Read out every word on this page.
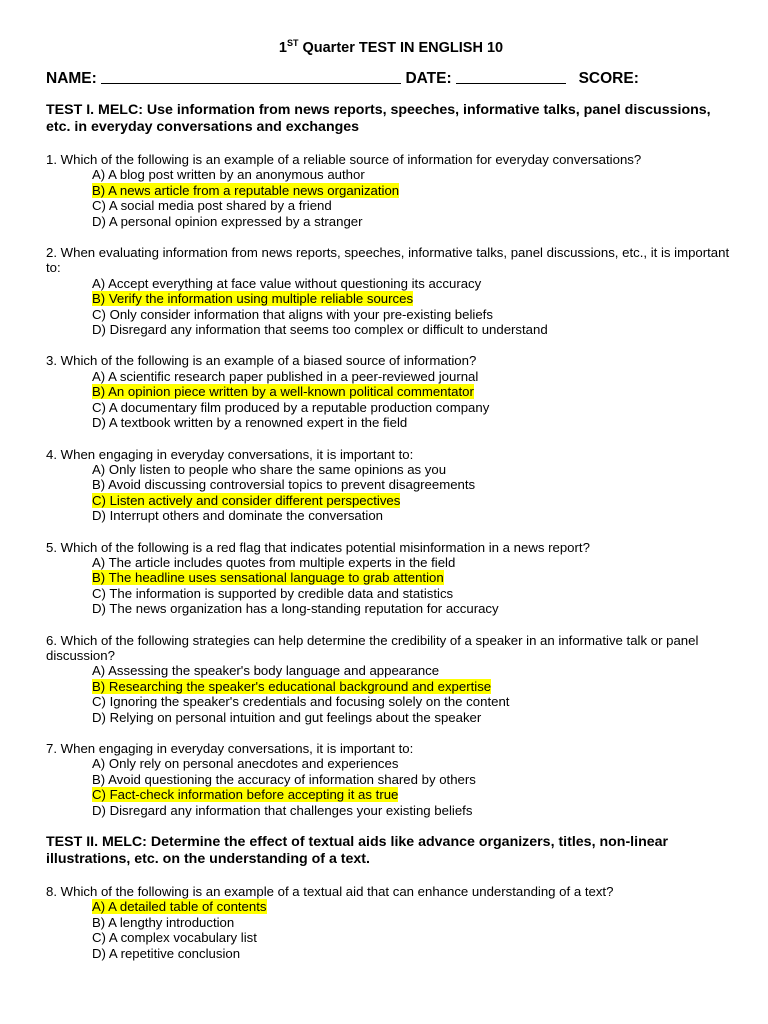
1ST Quarter TEST IN ENGLISH 10
NAME:	DATE:	SCORE:
TEST I. MELC: Use information from news reports, speeches, informative talks, panel discussions, etc. in everyday conversations and exchanges
1. Which of the following is an example of a reliable source of information for everyday conversations?
A) A blog post written by an anonymous author
B) A news article from a reputable news organization
C) A social media post shared by a friend
D) A personal opinion expressed by a stranger
2. When evaluating information from news reports, speeches, informative talks, panel discussions, etc., it is important to:
A) Accept everything at face value without questioning its accuracy
B) Verify the information using multiple reliable sources
C) Only consider information that aligns with your pre-existing beliefs
D) Disregard any information that seems too complex or difficult to understand
3. Which of the following is an example of a biased source of information?
A) A scientific research paper published in a peer-reviewed journal
B) An opinion piece written by a well-known political commentator
C) A documentary film produced by a reputable production company
D) A textbook written by a renowned expert in the field
4. When engaging in everyday conversations, it is important to:
A) Only listen to people who share the same opinions as you
B) Avoid discussing controversial topics to prevent disagreements
C) Listen actively and consider different perspectives
D) Interrupt others and dominate the conversation
5. Which of the following is a red flag that indicates potential misinformation in a news report?
A) The article includes quotes from multiple experts in the field
B) The headline uses sensational language to grab attention
C) The information is supported by credible data and statistics
D) The news organization has a long-standing reputation for accuracy
6. Which of the following strategies can help determine the credibility of a speaker in an informative talk or panel discussion?
A) Assessing the speaker's body language and appearance
B) Researching the speaker's educational background and expertise
C) Ignoring the speaker's credentials and focusing solely on the content
D) Relying on personal intuition and gut feelings about the speaker
7. When engaging in everyday conversations, it is important to:
A) Only rely on personal anecdotes and experiences
B) Avoid questioning the accuracy of information shared by others
C) Fact-check information before accepting it as true
D) Disregard any information that challenges your existing beliefs
TEST II. MELC: Determine the effect of textual aids like advance organizers, titles, non-linear illustrations, etc. on the understanding of a text.
8. Which of the following is an example of a textual aid that can enhance understanding of a text?
A) A detailed table of contents
B) A lengthy introduction
C) A complex vocabulary list
D) A repetitive conclusion
